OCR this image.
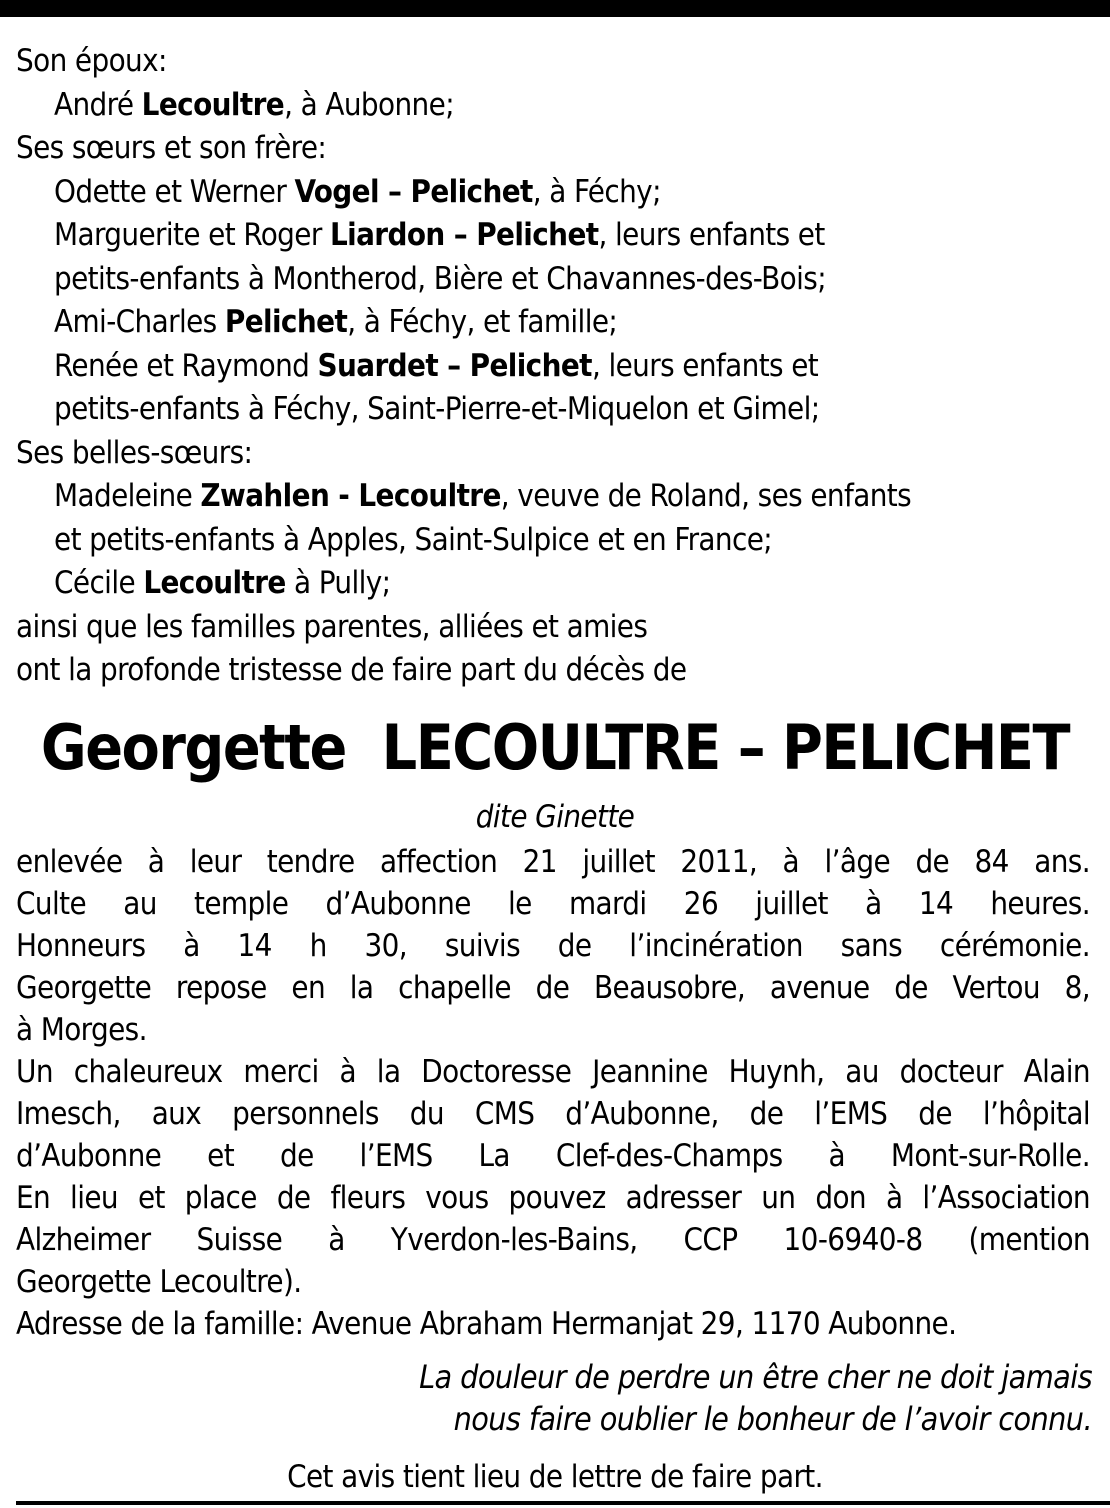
Son époux:
André Lecoultre, à Aubonne;
Ses sœurs et son frère:
Odette et Werner Vogel – Pelichet, à Féchy;
Marguerite et Roger Liardon – Pelichet, leurs enfants et
petits-enfants à Montherod, Bière et Chavannes-des-Bois;
Ami-Charles Pelichet, à Féchy, et famille;
Renée et Raymond Suardet – Pelichet, leurs enfants et
petits-enfants à Féchy, Saint-Pierre-et-Miquelon et Gimel;
Ses belles-sœurs:
Madeleine Zwahlen - Lecoultre, veuve de Roland, ses enfants
et petits-enfants à Apples, Saint-Sulpice et en France;
Cécile Lecoultre à Pully;
ainsi que les familles parentes, alliées et amies
ont la profonde tristesse de faire part du décès de
Georgette  LECOULTRE – PELICHET
dite Ginette
enlevée à leur tendre affection 21 juillet 2011, à l’âge de 84 ans.
Culte au temple d’Aubonne le mardi 26 juillet à 14 heures.
Honneurs à 14 h 30, suivis de l’incinération sans cérémonie.
Georgette repose en la chapelle de Beausobre, avenue de Vertou 8,
à Morges.
Un chaleureux merci à la Doctoresse Jeannine Huynh, au docteur Alain
Imesch, aux personnels du CMS d’Aubonne, de l’EMS de l’hôpital
d’Aubonne et de l’EMS La Clef-des-Champs à Mont-sur-Rolle.
En lieu et place de fleurs vous pouvez adresser un don à l’Association
Alzheimer Suisse à Yverdon-les-Bains, CCP 10-6940-8 (mention
Georgette Lecoultre).
Adresse de la famille: Avenue Abraham Hermanjat 29, 1170 Aubonne.
La douleur de perdre un être cher ne doit jamais
nous faire oublier le bonheur de l’avoir connu.
Cet avis tient lieu de lettre de faire part.
